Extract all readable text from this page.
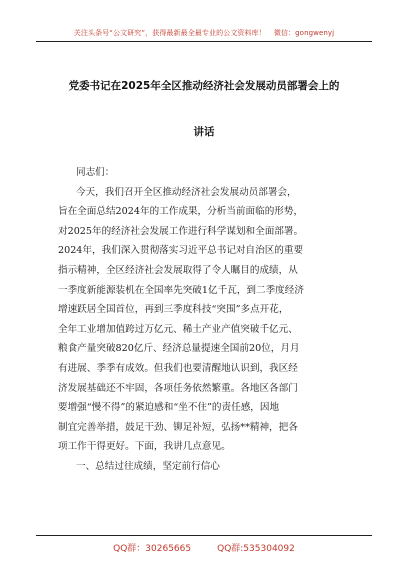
关注头条号“公文研究”，获得最新最全最专业的公文资料库！ 微信：gongwenyj
党委书记在2025年全区推动经济社会发展动员部署会上的
讲话
同志们：
今天，我们召开全区推动经济社会发展动员部署会，
旨在全面总结2024年的工作成果，分析当前面临的形势，
对2025年的经济社会发展工作进行科学谋划和全面部署。
2024年，我们深入贯彻落实习近平总书记对自治区的重要
指示精神，全区经济社会发展取得了令人瞩目的成绩，从
一季度新能源装机在全国率先突破1亿千瓦，到二季度经济
增速跃居全国首位，再到三季度科技“突围”多点开花，
全年工业增加值跨过万亿元、稀土产业产值突破千亿元、
粮食产量突破820亿斤、经济总量提速全国前20位，月月
有进展、季季有成效。但我们也要清醒地认识到，我区经
济发展基础还不牢固，各项任务依然繁重。各地区各部门
要增强“慢不得”的紧迫感和“坐不住”的责任感，因地
制宜完善举措，鼓足干劲、铆足补短，弘扬**精神，把各
项工作干得更好。下面，我讲几点意见。
一、总结过往成绩，坚定前行信心
QQ群：30265665	QQ群:535304092
